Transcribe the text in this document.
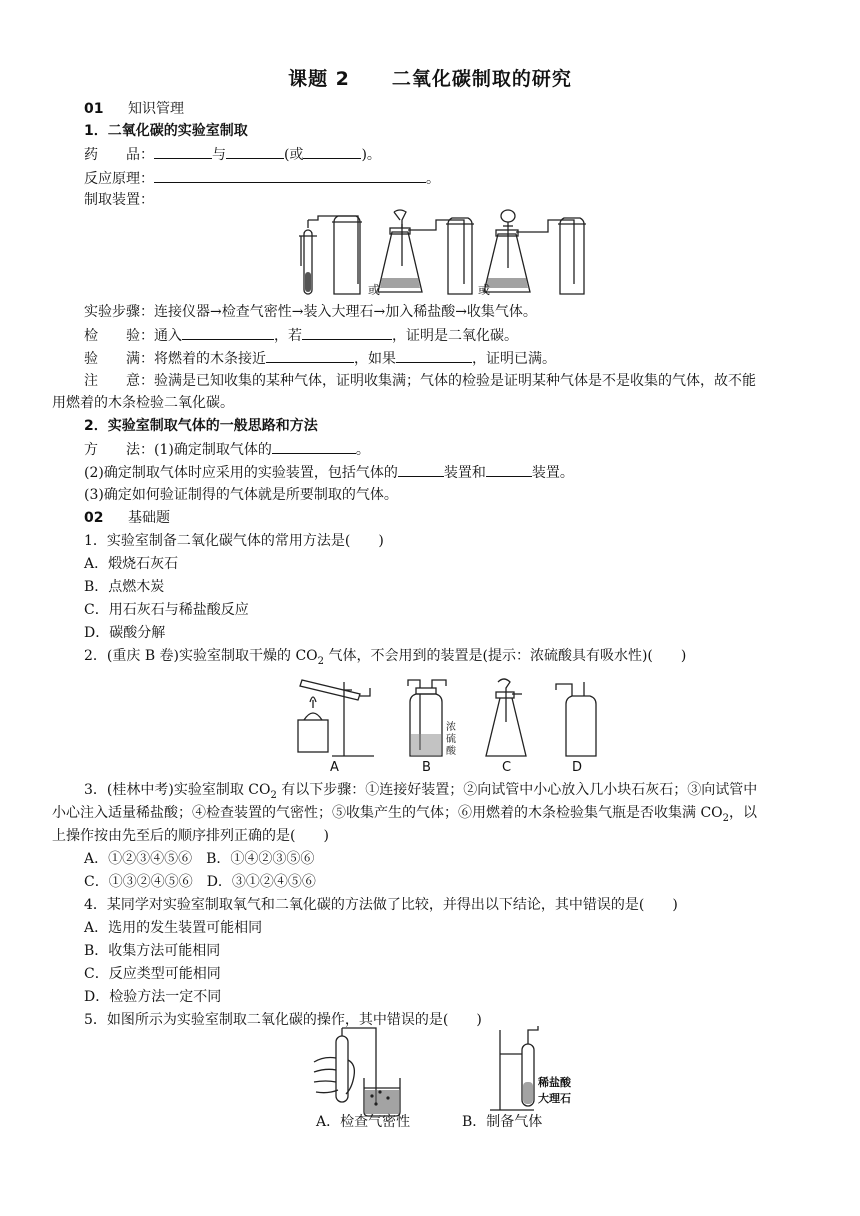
课题 2 二氧化碳制取的研究
01 知识管理
1．二氧化碳的实验室制取
药　　品：	与	(或	)。
反应原理：	。
制取装置：
或	或
实验步骤：连接仪器→检查气密性→装入大理石→加入稀盐酸→收集气体。
检　　验：通入	，若	，证明是二氧化碳。
验　　满：将燃着的木条接近	，如果	，证明已满。
注　　意：验满是已知收集的某种气体，证明收集满；气体的检验是证明某种气体是不是收集的气体，故不能
用燃着的木条检验二氧化碳。
2．实验室制取气体的一般思路和方法
方　　法：(1)确定制取气体的	。
(2)确定制取气体时应采用的实验装置，包括气体的	装置和	装置。
(3)确定如何验证制得的气体就是所要制取的气体。
02 基础题
1．实验室制备二氧化碳气体的常用方法是(　　)
A．煅烧石灰石
B．点燃木炭
C．用石灰石与稀盐酸反应
D．碳酸分解
2．(重庆 B 卷)实验室制取干燥的 $CO_2$ 气体，不会用到的装置是(提示：浓硫酸具有吸水性)(　　)
浓
硫
酸
A	B	C	D
3．(桂林中考)实验室制取 $CO_2$ 有以下步骤：①连接好装置；②向试管中小心放入几小块石灰石；③向试管中
小心注入适量稀盐酸；④检查装置的气密性；⑤收集产生的气体；⑥用燃着的木条检验集气瓶是否收集满 $CO_2$，以
上操作按由先至后的顺序排列正确的是(　　)
A．①②③④⑤⑥　B．①④②③⑤⑥
C．①③②④⑤⑥　D．③①②④⑤⑥
4．某同学对实验室制取氧气和二氧化碳的方法做了比较，并得出以下结论，其中错误的是(　　)
A．选用的发生装置可能相同
B．收集方法可能相同
C．反应类型可能相同
D．检验方法一定不同
5．如图所示为实验室制取二氧化碳的操作，其中错误的是(　　)
稀盐酸
大理石
A．检查气密性	B．制备气体
